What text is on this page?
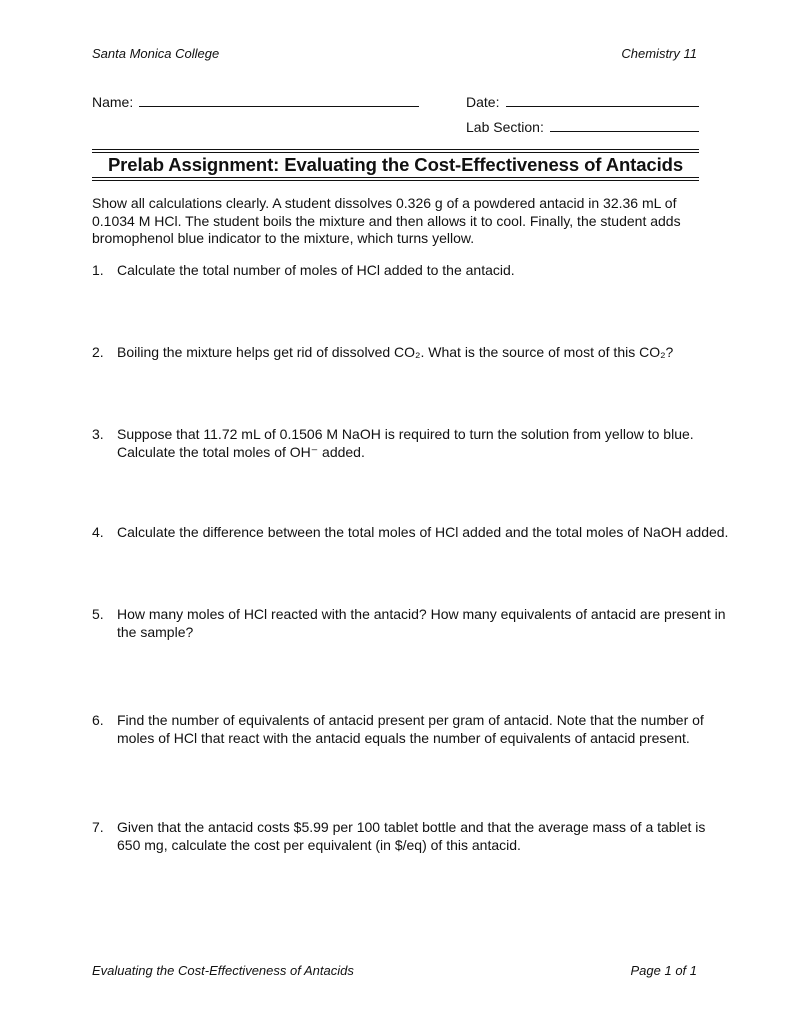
Santa Monica College	Chemistry 11
Name:	Date:
Lab Section:
Prelab Assignment: Evaluating the Cost-Effectiveness of Antacids
Show all calculations clearly. A student dissolves 0.326 g of a powdered antacid in 32.36 mL of 0.1034 M HCl. The student boils the mixture and then allows it to cool. Finally, the student adds bromophenol blue indicator to the mixture, which turns yellow.
1. Calculate the total number of moles of HCl added to the antacid.
2. Boiling the mixture helps get rid of dissolved CO₂. What is the source of most of this CO₂?
3. Suppose that 11.72 mL of 0.1506 M NaOH is required to turn the solution from yellow to blue. Calculate the total moles of OH⁻ added.
4. Calculate the difference between the total moles of HCl added and the total moles of NaOH added.
5. How many moles of HCl reacted with the antacid? How many equivalents of antacid are present in the sample?
6. Find the number of equivalents of antacid present per gram of antacid. Note that the number of moles of HCl that react with the antacid equals the number of equivalents of antacid present.
7. Given that the antacid costs $5.99 per 100 tablet bottle and that the average mass of a tablet is 650 mg, calculate the cost per equivalent (in $/eq) of this antacid.
Evaluating the Cost-Effectiveness of Antacids	Page 1 of 1
